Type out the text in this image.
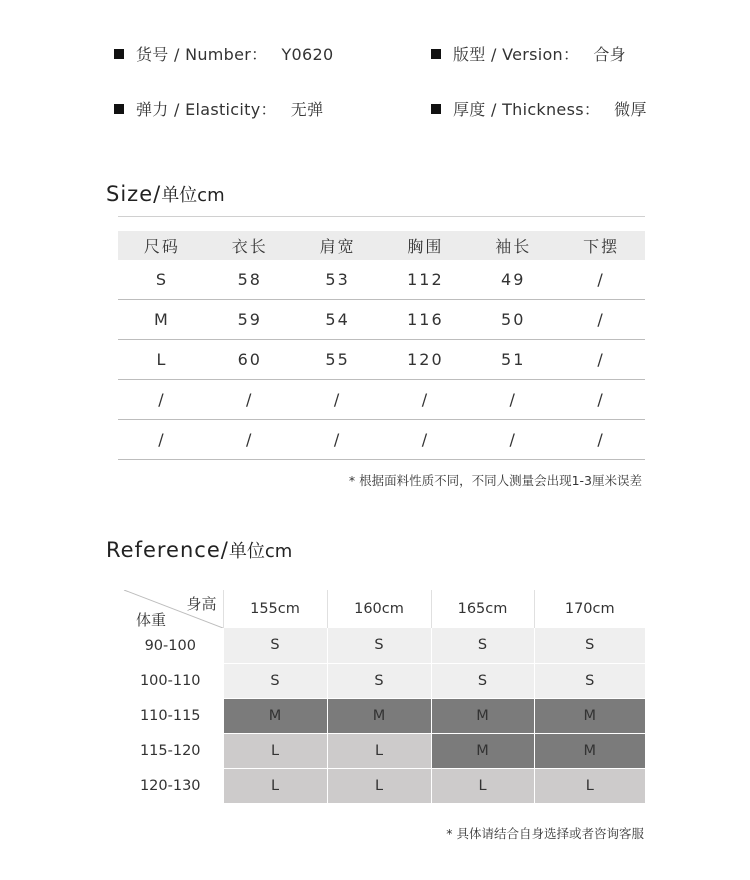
货号 / Number： Y0620	版型 / Version： 合身
弹力 / Elasticity： 无弹	厚度 / Thickness： 微厚
Size/单位cm
尺码	衣长	肩宽	胸围	袖长	下摆
S	58	53	112	49	/
M	59	54	116	50	/
L	60	55	120	51	/
/	/	/	/	/	/
/	/	/	/	/	/
* 根据面料性质不同，不同人测量会出现1-3厘米误差
Reference/单位cm
身高
体重	155cm	160cm	165cm	170cm
90-100	S	S	S	S
100-110	S	S	S	S
110-115	M	M	M	M
115-120	L	L	M	M
120-130	L	L	L	L
* 具体请结合自身选择或者咨询客服
